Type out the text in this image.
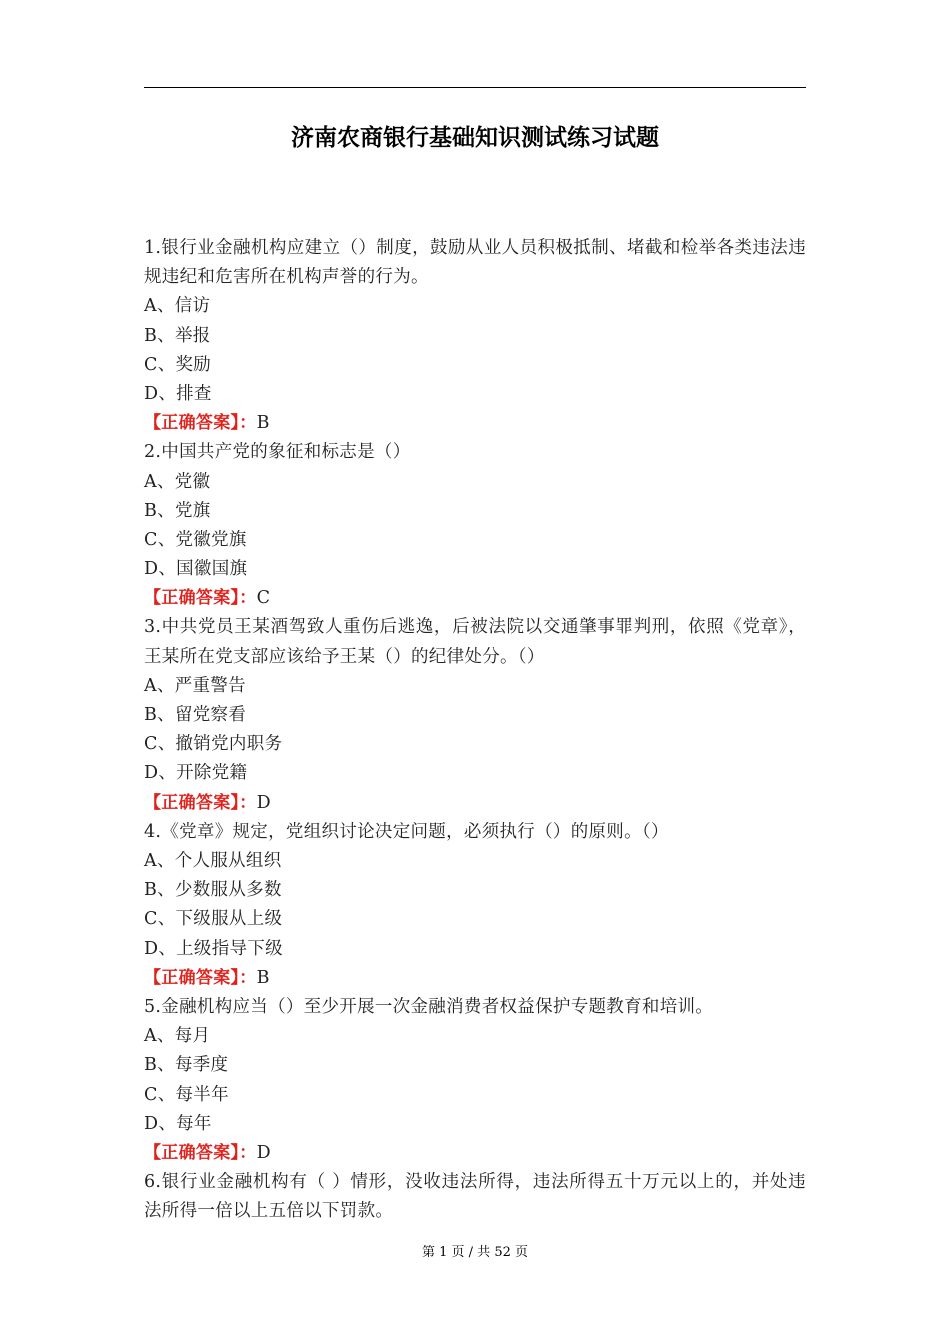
济南农商银行基础知识测试练习试题
1.银行业金融机构应建立（）制度，鼓励从业人员积极抵制、堵截和检举各类违法违规违纪和危害所在机构声誉的行为。
A、信访
B、举报
C、奖励
D、排查
【正确答案】：B
2.中国共产党的象征和标志是（）
A、党徽
B、党旗
C、党徽党旗
D、国徽国旗
【正确答案】：C
3.中共党员王某酒驾致人重伤后逃逸，后被法院以交通肇事罪判刑，依照《党章》，王某所在党支部应该给予王某（）的纪律处分。（）
A、严重警告
B、留党察看
C、撤销党内职务
D、开除党籍
【正确答案】：D
4.《党章》规定，党组织讨论决定问题，必须执行（）的原则。（）
A、个人服从组织
B、少数服从多数
C、下级服从上级
D、上级指导下级
【正确答案】：B
5.金融机构应当（）至少开展一次金融消费者权益保护专题教育和培训。
A、每月
B、每季度
C、每半年
D、每年
【正确答案】：D
6.银行业金融机构有（ ）情形，没收违法所得，违法所得五十万元以上的，并处违法所得一倍以上五倍以下罚款。
第 1 页 / 共 52 页
